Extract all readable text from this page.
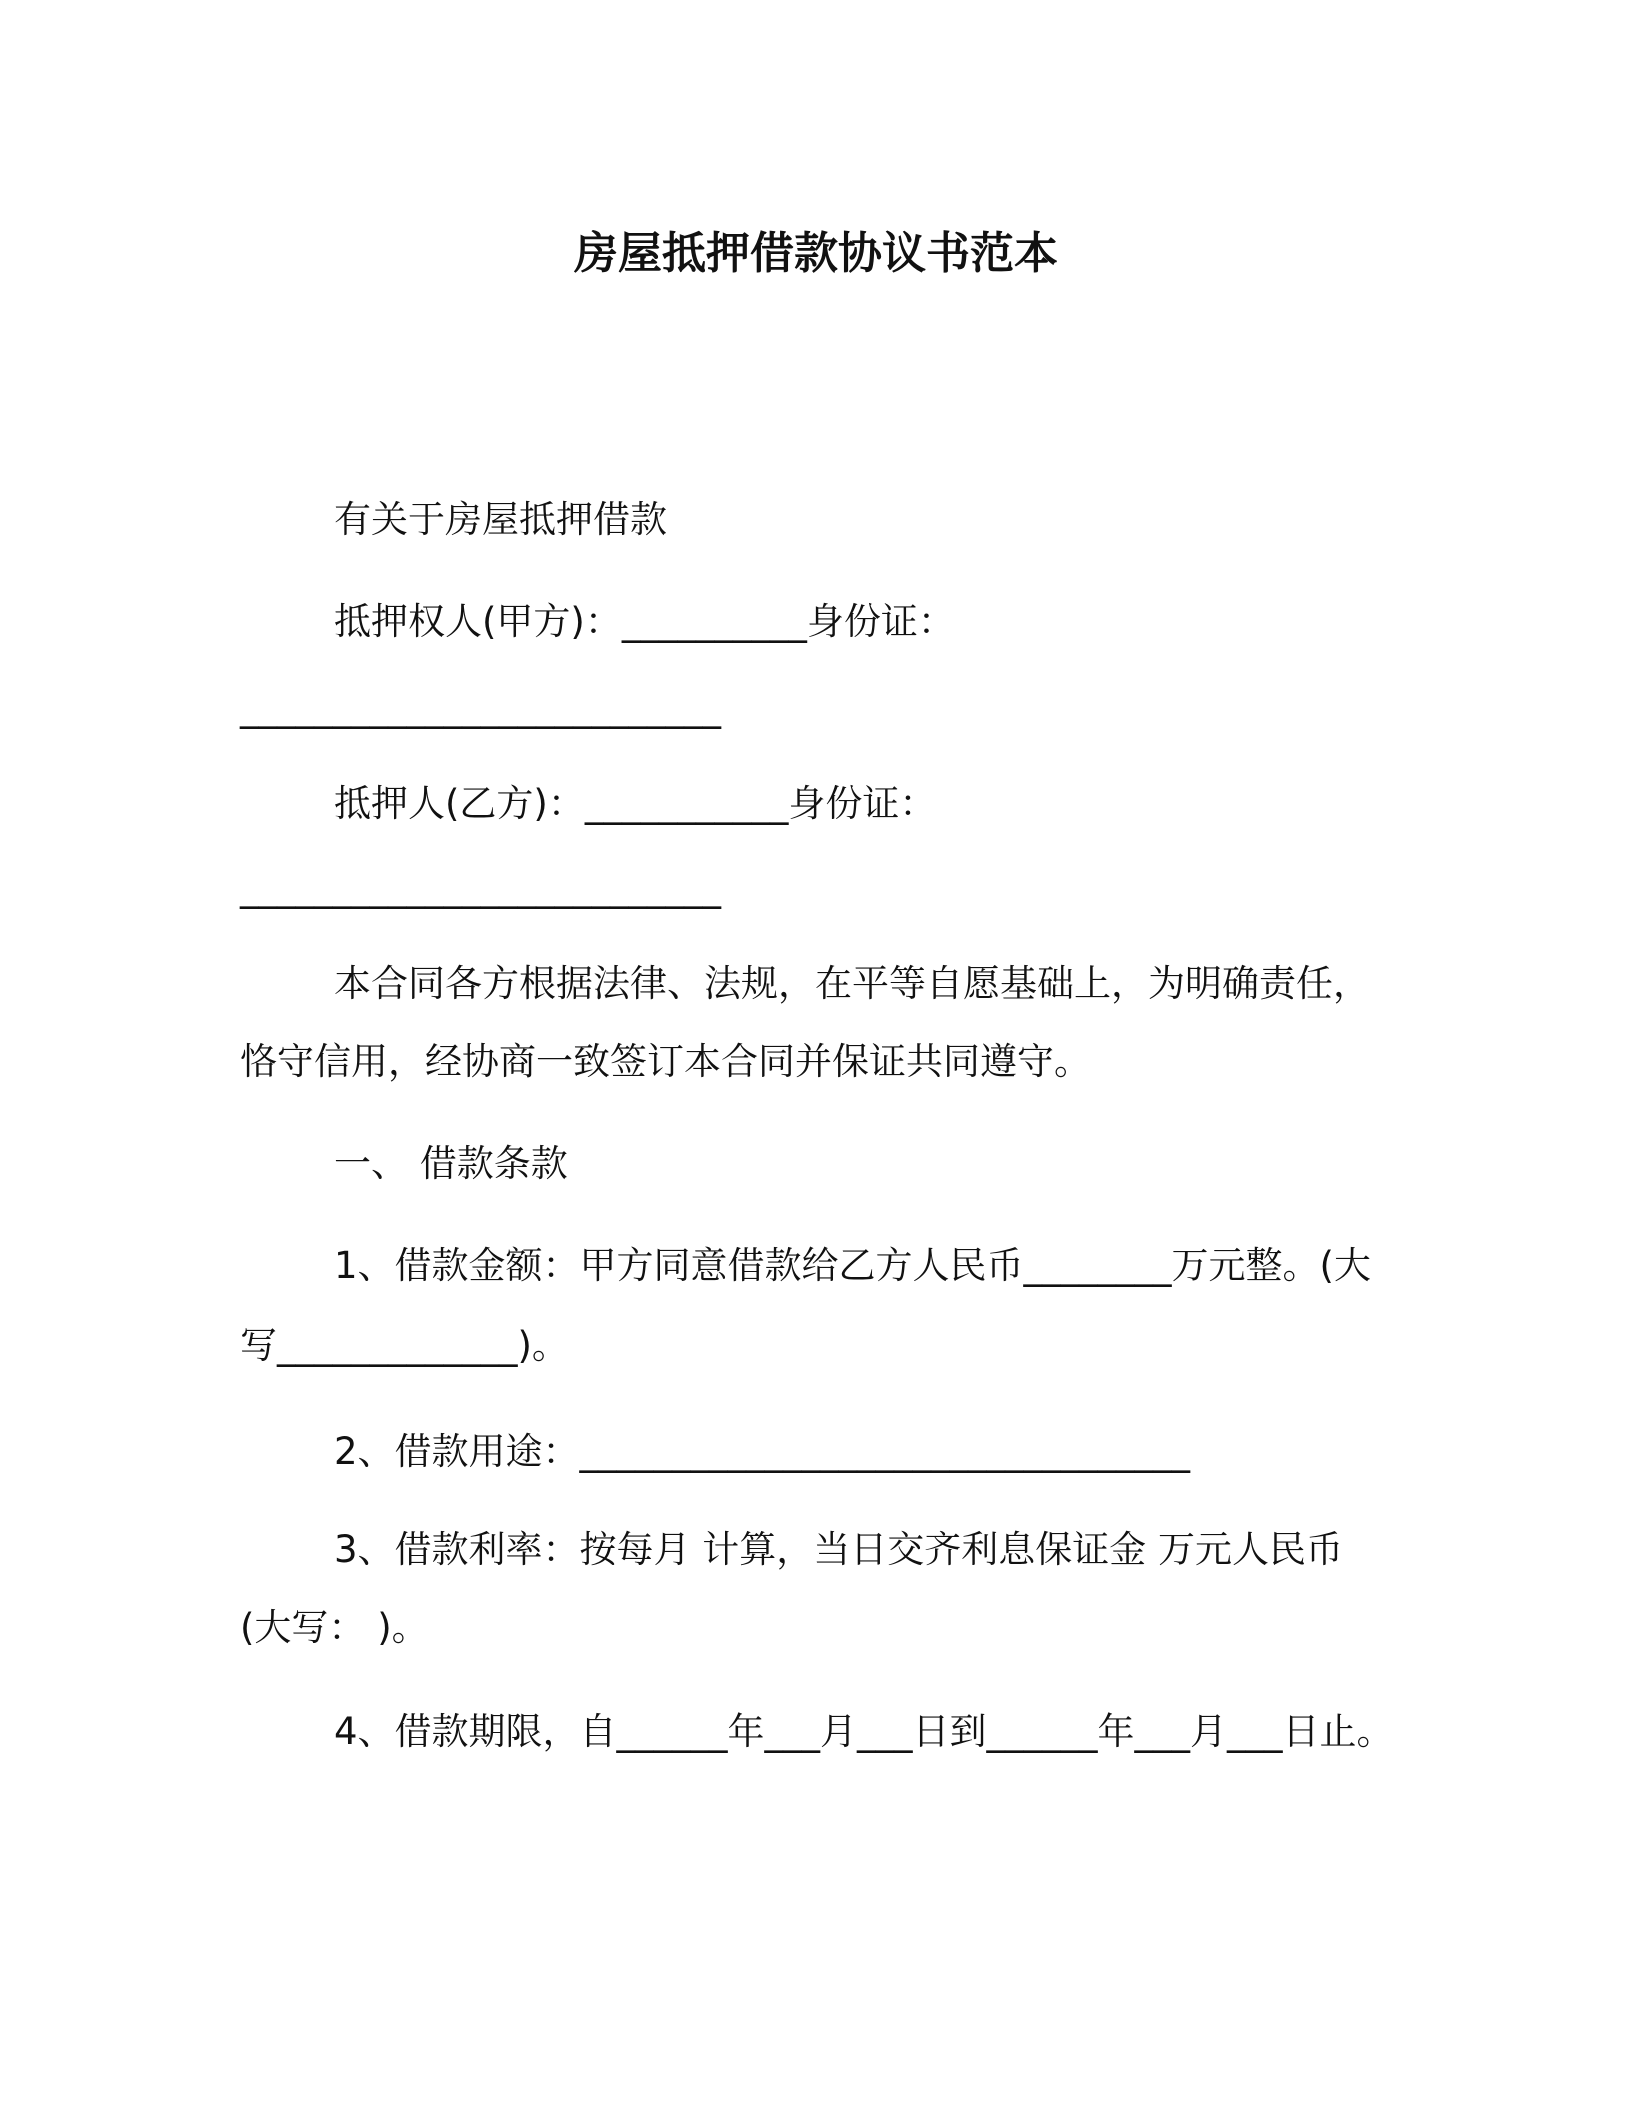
房屋抵押借款协议书范本
有关于房屋抵押借款
抵押权人(甲方)：__________身份证：
__________________________
抵押人(乙方)：___________身份证：
__________________________
本合同各方根据法律、法规，在平等自愿基础上，为明确责任，
恪守信用，经协商一致签订本合同并保证共同遵守。
一、 借款条款
1、借款金额：甲方同意借款给乙方人民币________万元整。(大
写_____________)。
2、借款用途：_________________________________
3、借款利率：按每月 计算，当日交齐利息保证金 万元人民币
(大写： )。
4、借款期限，自______年___月___日到______年___月___日止。
